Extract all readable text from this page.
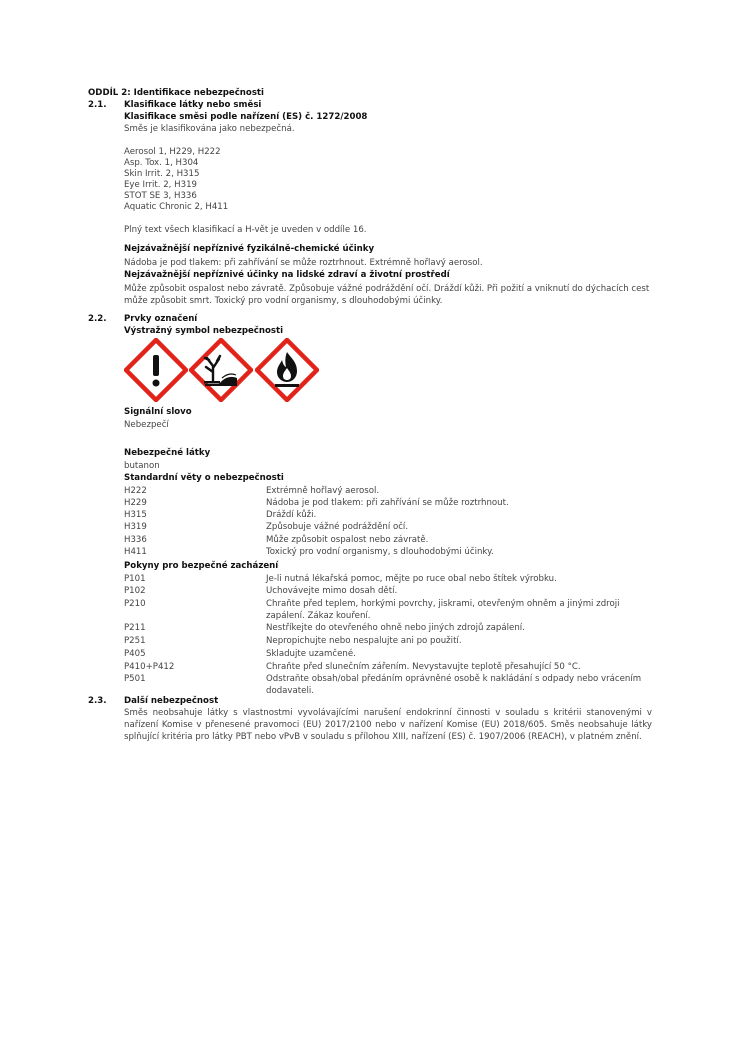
ODDÍL 2: Identifikace nebezpečnosti
2.1. Klasifikace látky nebo směsi
Klasifikace směsi podle nařízení (ES) č. 1272/2008
Směs je klasifikována jako nebezpečná.
Aerosol 1, H229, H222
Asp. Tox. 1, H304
Skin Irrit. 2, H315
Eye Irrit. 2, H319
STOT SE 3, H336
Aquatic Chronic 2, H411
Plný text všech klasifikací a H-vět je uveden v oddíle 16.
Nejzávažnější nepříznivé fyzikálně-chemické účinky
Nádoba je pod tlakem: při zahřívání se může roztrhnout. Extrémně hořlavý aerosol.
Nejzávažnější nepříznivé účinky na lidské zdraví a životní prostředí
Může způsobit ospalost nebo závratě. Způsobuje vážné podráždění očí. Dráždí kůži. Při požití a vniknutí do dýchacích cest může způsobit smrt. Toxický pro vodní organismy, s dlouhodobými účinky.
2.2. Prvky označení
Výstražný symbol nebezpečnosti
Signální slovo
Nebezpečí
Nebezpečné látky
butanon
Standardní věty o nebezpečnosti
H222	Extrémně hořlavý aerosol.
H229	Nádoba je pod tlakem: při zahřívání se může roztrhnout.
H315	Dráždí kůži.
H319	Způsobuje vážné podráždění očí.
H336	Může způsobit ospalost nebo závratě.
H411	Toxický pro vodní organismy, s dlouhodobými účinky.
Pokyny pro bezpečné zacházení
P101	Je-li nutná lékařská pomoc, mějte po ruce obal nebo štítek výrobku.
P102	Uchovávejte mimo dosah dětí.
P210	Chraňte před teplem, horkými povrchy, jiskrami, otevřeným ohněm a jinými zdroji zapálení. Zákaz kouření.
P211	Nestříkejte do otevřeného ohně nebo jiných zdrojů zapálení.
P251	Nepropichujte nebo nespalujte ani po použití.
P405	Skladujte uzamčené.
P410+P412	Chraňte před slunečním zářením. Nevystavujte teplotě přesahující 50 °C.
P501	Odstraňte obsah/obal předáním oprávněné osobě k nakládání s odpady nebo vrácením dodavateli.
2.3. Další nebezpečnost
Směs neobsahuje látky s vlastnostmi vyvolávajícími narušení endokrinní činnosti v souladu s kritérii stanovenými v nařízení Komise v přenesené pravomoci (EU) 2017/2100 nebo v nařízení Komise (EU) 2018/605. Směs neobsahuje látky splňující kritéria pro látky PBT nebo vPvB v souladu s přílohou XIII, nařízení (ES) č. 1907/2006 (REACH), v platném znění.
